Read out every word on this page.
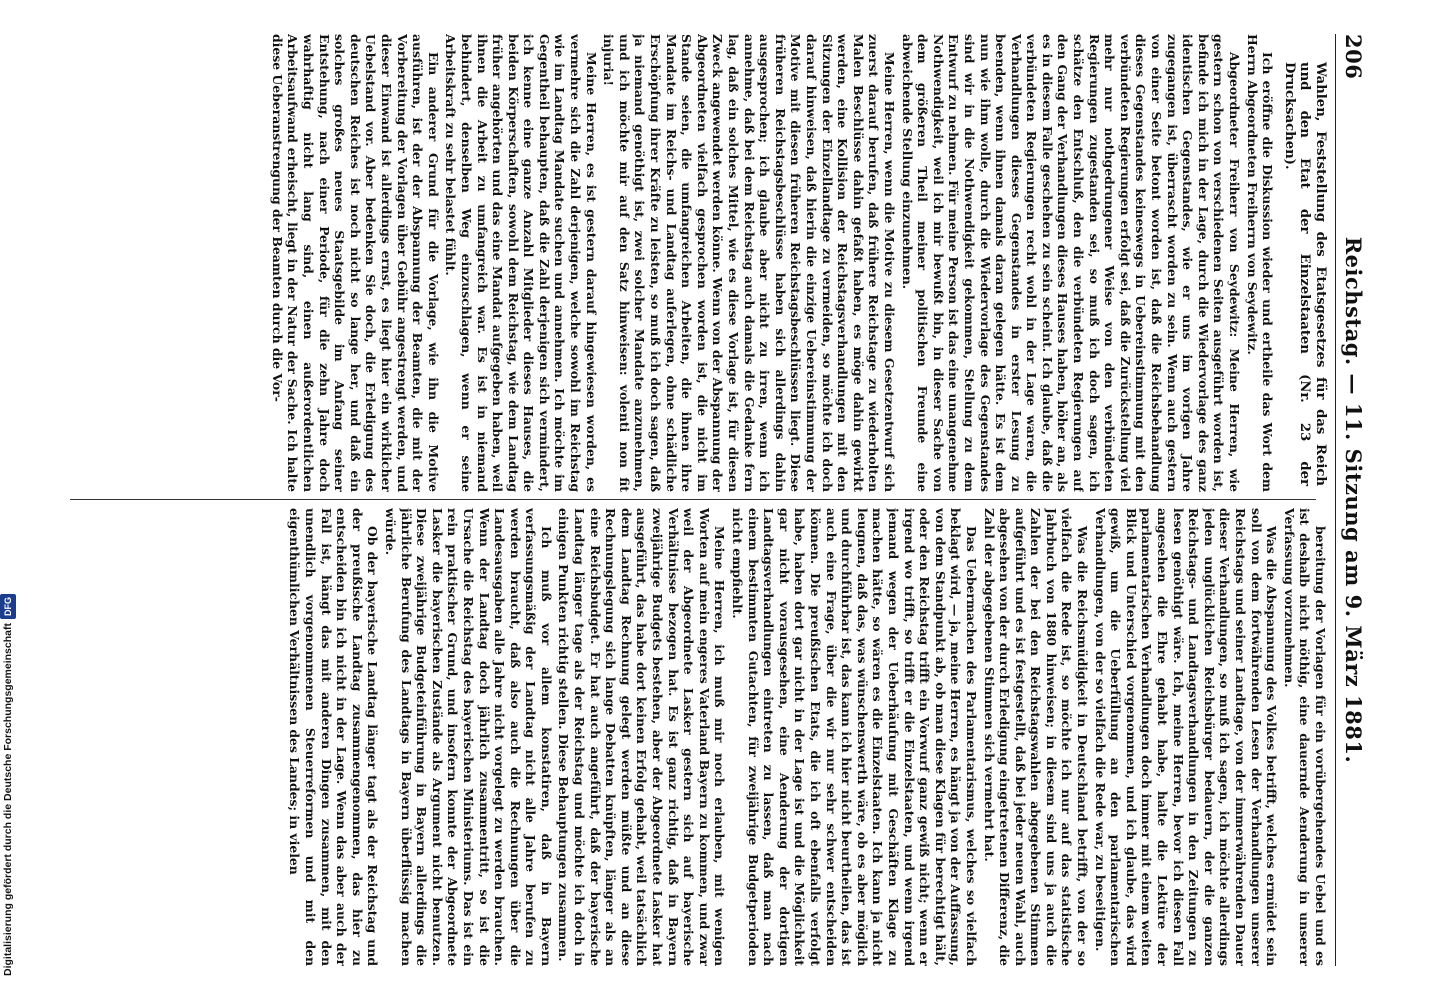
Digitalisierung gefördert durch die Deutsche ForschungsgemeinschaftDFG
206
Reichstag. — 11. Sitzung am 9. März 1881.

Wahlen, Feststellung des Etatsgesetzes für das Reich und den Etat der Einzelstaaten (Nr. 23 der Drucksachen).

Ich eröffne die Diskussion wieder und ertheile das Wort dem Herrn Abgeordneten Freiherrn von Seydewitz.

Abgeordneter Freiherr von Seydewitz: Meine Herren, wie gestern schon von verschiedenen Seiten ausgeführt worden ist, befinde ich mich in der Lage, durch die Wiedervorlage des ganz identischen Gegenstandes, wie er uns im vorigen Jahre zugegangen ist, überrascht worden zu sein. Wenn auch gestern von einer Seite betont worden ist, daß die Reichsbehandlung dieses Gegenstandes keineswegs in Uebereinstimmung mit den verbündeten Regierungen erfolgt sei, daß die Zurückstellung viel mehr nur nothgedrungener Weise von den verbündeten Regierungen zugestanden sei, so muß ich doch sagen, ich schätze den Entschluß, den die verbündeten Regierungen auf den Gang der Verhandlungen dieses Hauses haben, höher an, als es in diesem Falle geschehen zu sein scheint. Ich glaube, daß die verbündeten Regierungen recht wohl in der Lage waren, die Verhandlungen dieses Gegenstandes in erster Lesung zu beenden, wenn ihnen damals daran gelegen hätte. Es ist dem nun wie ihm wolle, durch die Wiedervorlage des Gegenstandes sind wir in die Nothwendigkeit gekommen, Stellung zu dem Entwurf zu nehmen. Für meine Person ist das eine unangenehme Nothwendigkeit, weil ich mir bewußt bin, in dieser Sache von dem größeren Theil meiner politischen Freunde eine abweichende Stellung einzunehmen.

Meine Herren, wenn die Motive zu diesem Gesetzentwurf sich zuerst darauf berufen, daß frühere Reichstage zu wiederholten Malen Beschlüsse dahin gefaßt haben, es möge dahin gewirkt werden, eine Kollision der Reichstagsverhandlungen mit den Sitzungen der Einzellandtage zu vermeiden, so möchte ich doch darauf hinweisen, daß hierin die einzige Uebereinstimmung der Motive mit diesen früheren Reichstagsbeschlüssen liegt. Diese früheren Reichstagsbeschlüsse haben sich allerdings dahin ausgesprochen; ich glaube aber nicht zu irren, wenn ich annehme, daß bei dem Reichstag auch damals die Gedanke fern lag, daß ein solches Mittel, wie es diese Vorlage ist, für diesen Zweck angewendet werden könne. Wenn von der Abspannung der Abgeordneten vielfach gesprochen worden ist, die nicht im Stande seien, die umfangreichen Arbeiten, die ihnen ihre Mandate im Reichs- und Landtag auferlegen, ohne schädliche Erschöpfung ihrer Kräfte zu leisten, so muß ich doch sagen, daß ja niemand genöthigt ist, zwei solcher Mandate anzunehmen, und ich möchte mir auf den Satz hinweisen: volenti non fit injuria!

Meine Herren, es ist gestern darauf hingewiesen worden, es vermehre sich die Zahl derjenigen, welche sowohl im Reichstag wie im Landtag Mandate suchen und annehmen. Ich möchte im Gegentheil behaupten, daß die Zahl derjenigen sich vermindert, ich kenne eine ganze Anzahl Mitglieder dieses Hauses, die beiden Körperschaften, sowohl dem Reichstag, wie dem Landtag früher angehörten und das eine Mandat aufgegeben haben, weil ihnen die Arbeit zu umfangreich war. Es ist in niemand behindert, denselben Weg einzuschlagen, wenn er seine Arbeitskraft zu sehr belastet fühlt.

Ein anderer Grund für die Vorlage, wie ihn die Motive ausführen, ist der der Abspannung der Beamten, die mit der Vorbereitung der Vorlagen über Gebühr angestrengt werden, und dieser Einwand ist allerdings ernst, es liegt hier ein wirklicher Uebelstand vor. Aber bedenken Sie doch, die Erledigung des deutschen Reiches ist noch nicht so lange her, und daß ein solches großes neues Staatsgebilde im Anfang seiner Entstehung, nach einer Periode, für die zehn Jahre doch wahrhaftig nicht lang sind, einen außerordentlichen Arbeitsaufwand erheischt, liegt in der Natur der Sache. Ich halte diese Ueberanstrengung der Beamten durch die Vor-

bereitung der Vorlagen für ein vorübergehendes Uebel und es ist deshalb nicht nöthig, eine dauernde Aenderung in unserer Verfassung vorzunehmen.

Was die Abspannung des Volkes betrifft, welches ermüdet sein soll von dem fortwährenden Lesen der Verhandlungen unserer Reichstags und seiner Landtage, von der immerwährenden Dauer dieser Verhandlungen, so muß ich sagen, ich möchte allerdings jeden unglücklichen Reichsbürger bedauern, der die ganzen Reichstags- und Landtagsverhandlungen in den Zeitungen zu lesen genöthigt wäre. Ich, meine Herren, bevor ich diesen Fall angesehen die Ehre gehabt habe, halte die Lektüre der parlamentarischen Verhandlungen doch immer mit einem weiten Blick und Unterschied vorgenommen, und ich glaube, das wird gewiß, um die Ueberfüllung an den parlamentarischen Verhandlungen, von der so vielfach die Rede war, zu beseitigen.

Was die Reichsmüdigkeit in Deutschland betrifft, von der so vielfach die Rede ist, so möchte ich nur auf das statistische Jahrbuch von 1880 hinweisen; in diesem sind uns ja auch die Zahlen der bei den Reichstagswahlen abgegebenen Stimmen aufgeführt und es ist festgestellt, daß bei jeder neuen Wahl, auch abgesehen von der durch Erledigung eingetretenen Differenz, die Zahl der abgegebenen Stimmen sich vermehrt hat.

Das Uebermachen des Parlamentarismus, welches so vielfach beklagt wird, — ja, meine Herren, es hängt ja von der Auffassung, von dem Standpunkt ab, ob man diese Klagen für berechtigt hält, oder den Reichstag trifft ein Vorwurf ganz gewiß nicht; wenn er irgend wo trifft, so trifft er die Einzelstaaten, und wenn irgend jemand wegen der Ueberhäufung mit Geschäften Klage zu machen hätte, so wären es die Einzelstaaten. Ich kann ja nicht leugnen, daß das, was wünschenswerth wäre, ob es aber möglich und durchführbar ist, das kann ich hier nicht beurtheilen, das ist auch eine Frage, über die wir nur sehr schwer entscheiden können. Die preußischen Etats, die ich oft ebenfalls verfolgt habe, haben dort gar nicht in der Lage ist und die Möglichkeit gar nicht vorausgesehen, eine Aenderung der dortigen Landtagsverhandlungen eintreten zu lassen, daß man nach einem bestimmten Gutachten, für zweijährige Budgetperioden nicht empfiehlt.

Meine Herren, ich muß mir noch erlauben, mit wenigen Worten auf mein engeres Vaterland Bayern zu kommen, und zwar weil der Abgeordnete Lasker gestern sich auf bayerische Verhältnisse bezogen hat. Es ist ganz richtig, daß in Bayern zweijährige Budgets bestehen, aber der Abgeordnete Lasker hat ausgeführt, das habe dort keinen Erfolg gehabt, weil tatsächlich dem Landtag Rechnung gelegt werden müßte und an diese Rechnungslegung sich lange Debatten knüpften, länger als an eine Reichsbudget. Er hat auch angeführt, daß der bayerische Landtag länger tage als der Reichstag und möchte ich doch in einigen Punkten richtig stellen. Diese Behauptungen zusammen.

Ich muß vor allem konstatiren, daß in Bayern verfassungsmäßig der Landtag nicht alle Jahre berufen zu werden braucht, daß also auch die Rechnungen über die Landesausgaben alle Jahre nicht vorgelegt zu werden brauchen. Wenn der Landtag doch jährlich zusammentritt, so ist die Ursache die Reichstag des bayerischen Ministeriums. Das ist ein rein praktischer Grund, und insofern konnte der Abgeordnete Lasker die bayerischen Zustände als Argument nicht benutzen. Diese zweijährige Budgeteinführung in Bayern allerdings die jährliche Berufung des Landtags in Bayern überflüssig machen würde.

Ob der bayerische Landtag länger tagt als der Reichstag und der preußische Landtag zusammengenommen, das hier zu entscheiden bin ich nicht in der Lage. Wenn das aber auch der Fall ist, hängt das mit anderen Dingen zusammen, mit den unendlich vorgenommenen Steuerreformen und mit den eigenthümlichen Verhältnissen des Landes; in vielen
